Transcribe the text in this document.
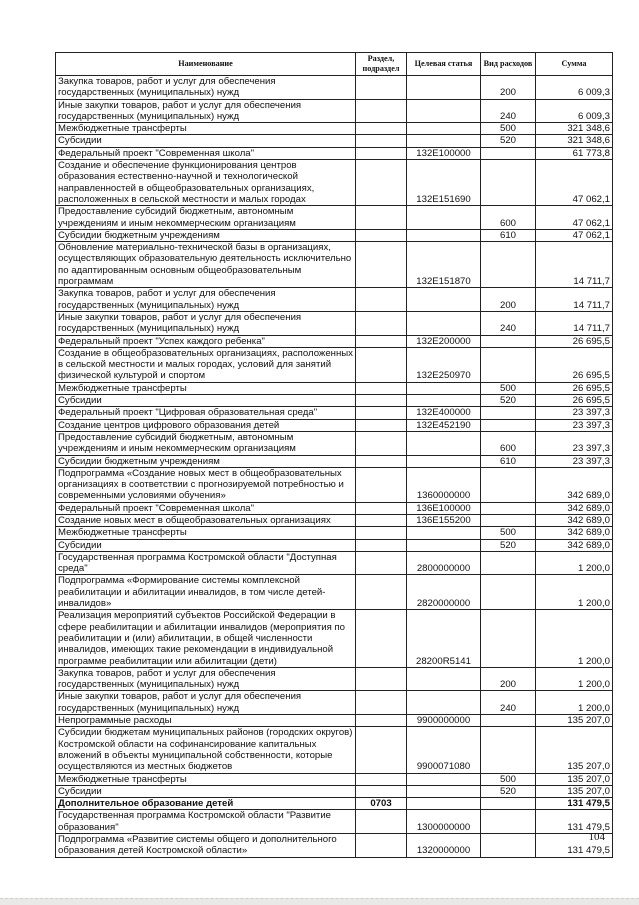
Наименование	Раздел, подраздел	Целевая статья	Вид расходов	Сумма
Закупка товаров, работ и услуг для обеспечения государственных (муниципальных) нужд			200	6 009,3
Иные закупки товаров, работ и услуг для обеспечения государственных (муниципальных) нужд			240	6 009,3
Межбюджетные трансферты			500	321 348,6
Субсидии			520	321 348,6
Федеральный проект "Современная школа"		132E100000		61 773,8
Создание и обеспечение функционирования центров образования естественно-научной и технологической направленностей в общеобразовательных организациях, расположенных в сельской местности и малых городах		132E151690		47 062,1
Предоставление субсидий бюджетным, автономным учреждениям и иным некоммерческим организациям			600	47 062,1
Субсидии бюджетным учреждениям			610	47 062,1
Обновление материально-технической базы в организациях, осуществляющих образовательную деятельность исключительно по адаптированным основным общеобразовательным программам		132E151870		14 711,7
Закупка товаров, работ и услуг для обеспечения государственных (муниципальных) нужд			200	14 711,7
Иные закупки товаров, работ и услуг для обеспечения государственных (муниципальных) нужд			240	14 711,7
Федеральный проект "Успех каждого ребенка"		132E200000		26 695,5
Создание в общеобразовательных организациях, расположенных в сельской местности и малых городах, условий для занятий физической культурой и спортом		132E250970		26 695,5
Межбюджетные трансферты			500	26 695,5
Субсидии			520	26 695,5
Федеральный проект "Цифровая образовательная среда"		132E400000		23 397,3
Создание центров цифрового образования детей		132E452190		23 397,3
Предоставление субсидий бюджетным, автономным учреждениям и иным некоммерческим организациям			600	23 397,3
Субсидии бюджетным учреждениям			610	23 397,3
Подпрограмма «Создание новых мест в общеобразовательных организациях в соответствии с прогнозируемой потребностью и современными условиями обучения»		1360000000		342 689,0
Федеральный проект "Современная школа"		136E100000		342 689,0
Создание новых мест в общеобразовательных организациях		136E155200		342 689,0
Межбюджетные трансферты			500	342 689,0
Субсидии			520	342 689,0
Государственная программа Костромской области "Доступная среда"		2800000000		1 200,0
Подпрограмма «Формирование системы комплексной реабилитации и абилитации инвалидов, в том числе детей-инвалидов»		2820000000		1 200,0
Реализация мероприятий субъектов Российской Федерации в сфере реабилитации и абилитации инвалидов (мероприятия по реабилитации и (или) абилитации, в общей численности инвалидов, имеющих такие рекомендации в индивидуальной программе реабилитации или абилитации (дети)		28200R5141		1 200,0
Закупка товаров, работ и услуг для обеспечения государственных (муниципальных) нужд			200	1 200,0
Иные закупки товаров, работ и услуг для обеспечения государственных (муниципальных) нужд			240	1 200,0
Непрограммные расходы		9900000000		135 207,0
Субсидии бюджетам муниципальных районов (городских округов) Костромской области на софинансирование капитальных вложений в объекты муниципальной собственности, которые осуществляются из местных бюджетов		9900071080		135 207,0
Межбюджетные трансферты			500	135 207,0
Субсидии			520	135 207,0
Дополнительное образование детей	0703			131 479,5
Государственная программа Костромской области "Развитие образования"		1300000000		131 479,5
Подпрограмма «Развитие системы общего и дополнительного образования детей Костромской области»		1320000000		131 479,5
104
